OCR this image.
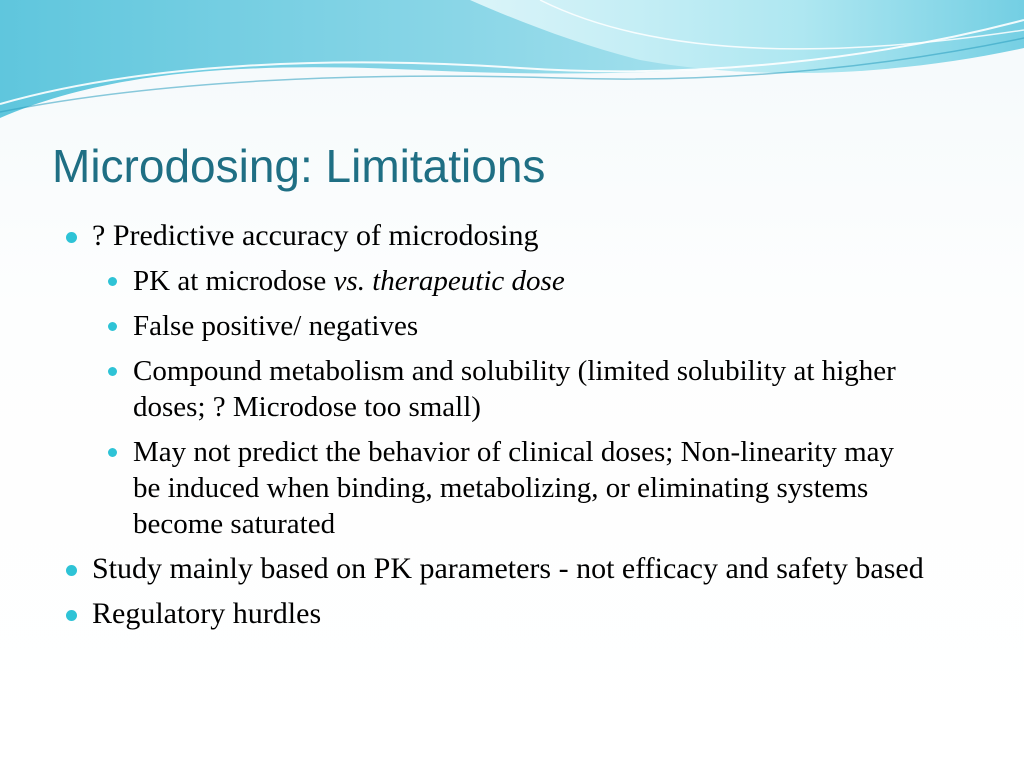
Microdosing: Limitations
? Predictive accuracy of microdosing
PK at microdose vs. therapeutic dose
False positive/ negatives
Compound metabolism and solubility (limited solubility at higher doses; ? Microdose too small)
May not predict the behavior of clinical doses; Non-linearity may be induced when binding, metabolizing, or eliminating systems become saturated
Study mainly based on PK parameters - not efficacy and safety based
Regulatory hurdles
